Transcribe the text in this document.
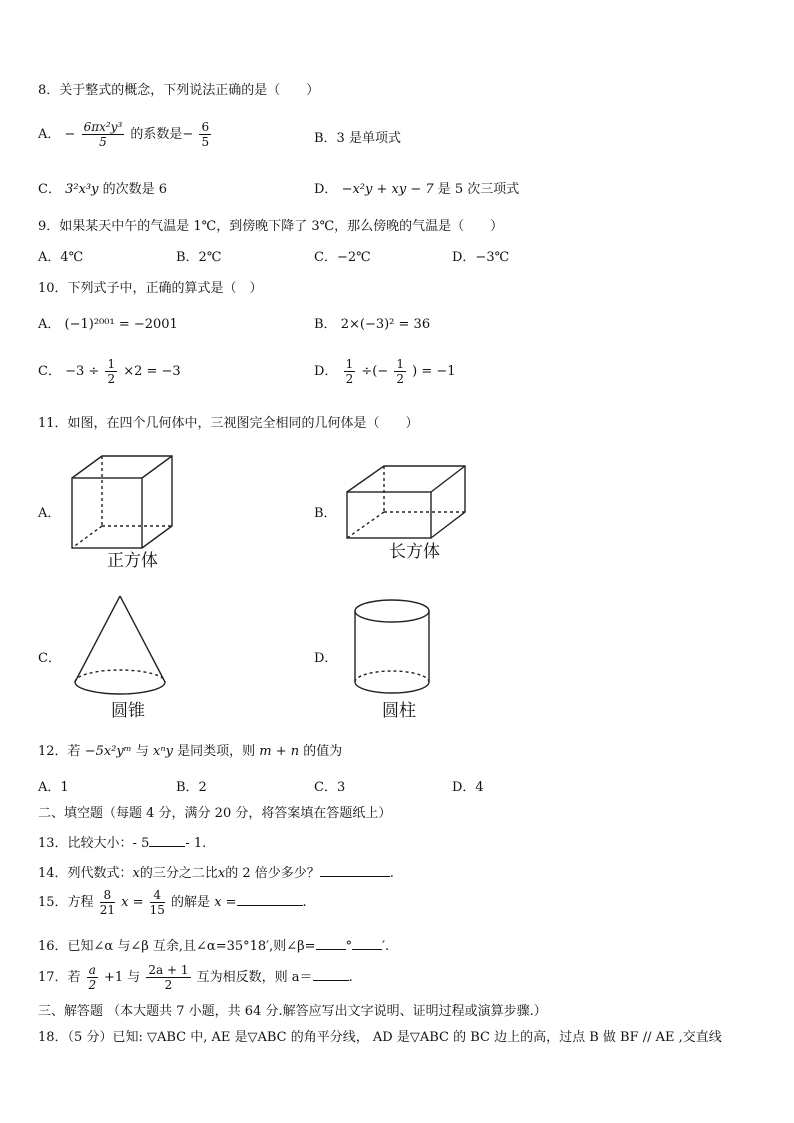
8．关于整式的概念，下列说法正确的是（　　）
A． − $\frac{\text{6πx²y³}}{5}$ 的系数是− $\frac{6}{5}$	B．3 是单项式
C． 3²x³y 的次数是 6	D． −x²y + xy − 7 是 5 次三项式
9．如果某天中午的气温是 1℃，到傍晚下降了 3℃，那么傍晚的气温是（　　）
A．4℃	B．2℃	C．−2℃	D．−3℃
10．下列式子中，正确的算式是（　）
A． (−1)²⁰⁰¹ = −2001	B． 2×(−3)² = 36
C． $-3 \div \frac{1}{2} \times 2 = -3$	D． $\frac{1}{2}$ ÷(− $\frac{1}{2}$ ) = −1
11．如图，在四个几何体中，三视图完全相同的几何体是（　　）
A．
正方体
B．
长方体
C．
圆锥
D．
圆柱
12．若 −5x²yᵐ 与 xⁿy 是同类项，则 m + n 的值为
A．1	B．2	C．3	D．4
二、填空题（每题 4 分，满分 20 分，将答案填在答题纸上）
13．比较大小：- 5	- 1.
14．列代数式：x的三分之二比x的 2 倍少多少？	.
15．方程 $\frac{8}{21}$ $x = \frac{4}{15}$ 的解是 x =	.
16．已知∠α 与∠β 互余,且∠α=35°18′,则∠β= ° ′.
17．若 $\frac{a}{2} +1$ 与 $\frac{2a + 1}{2}$ 互为相反数，则 a＝	.
三、解答题 （本大题共 7 小题，共 64 分.解答应写出文字说明、证明过程或演算步骤.）
18．（5 分）已知: ▽ABC 中, AE 是▽ABC 的角平分线， AD 是▽ABC 的 BC 边上的高，过点 B 做 BF // AE ,交直线
